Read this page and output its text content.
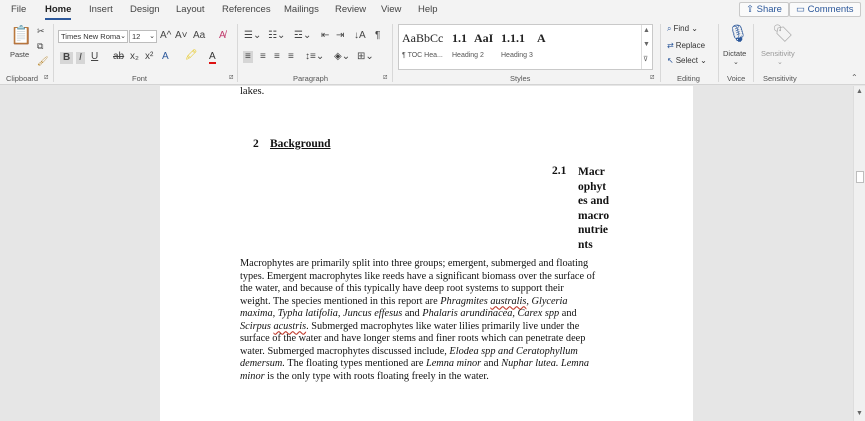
File Home Insert Design Layout References Mailings Review View Help	⇪ Share	▭ Comments
📋
Paste
✂
⧉
🖌
Clipboard ⧄
Times New Roma ⌄ 12 ⌄ A^ A˅ Aa A̸
B I U ab x₂ x² A 🖍 A
Font	⧄
☰⌄ ☷⌄ ☲⌄ ⇤ ⇥ ↓A ¶
≡ ≡ ≡ ≡ ↕≡⌄ ◈⌄ ⊞⌄
Paragraph	⧄
AaBbCc
¶ TOC Hea...
1.1
Heading 2
AaI 1.1.1
Heading 3
A
▲
▼
⊽
Styles	⧄
⌕ Find ⌄
⇄ Replace
↖ Select ⌄
Editing
🎙
Dictate
⌄
Voice
🏷
Sensitivity
⌄
Sensitivity	⌃
lakes.
2 Background
2.1 Macr
ophyt
es and
macro
nutrie
nts
Macrophytes are primarily split into three groups; emergent, submerged and floating
types. Emergent macrophytes like reeds have a significant biomass over the surface of
the water, and because of this typically have deep root systems to support their
weight. The species mentioned in this report are Phragmites australis, Glyceria
maxima, Typha latifolia, Juncus effesus and Phalaris arundinacea, Carex spp and
Scirpus acustris. Submerged macrophytes like water lilies primarily live under the
surface of the water and have longer stems and finer roots which can penetrate deep
water. Submerged macrophytes discussed include, Elodea spp and Ceratophyllum
demersum. The floating types mentioned are Lemna minor and Nuphar lutea. Lemna
minor is the only type with roots floating freely in the water.
▲
▼
